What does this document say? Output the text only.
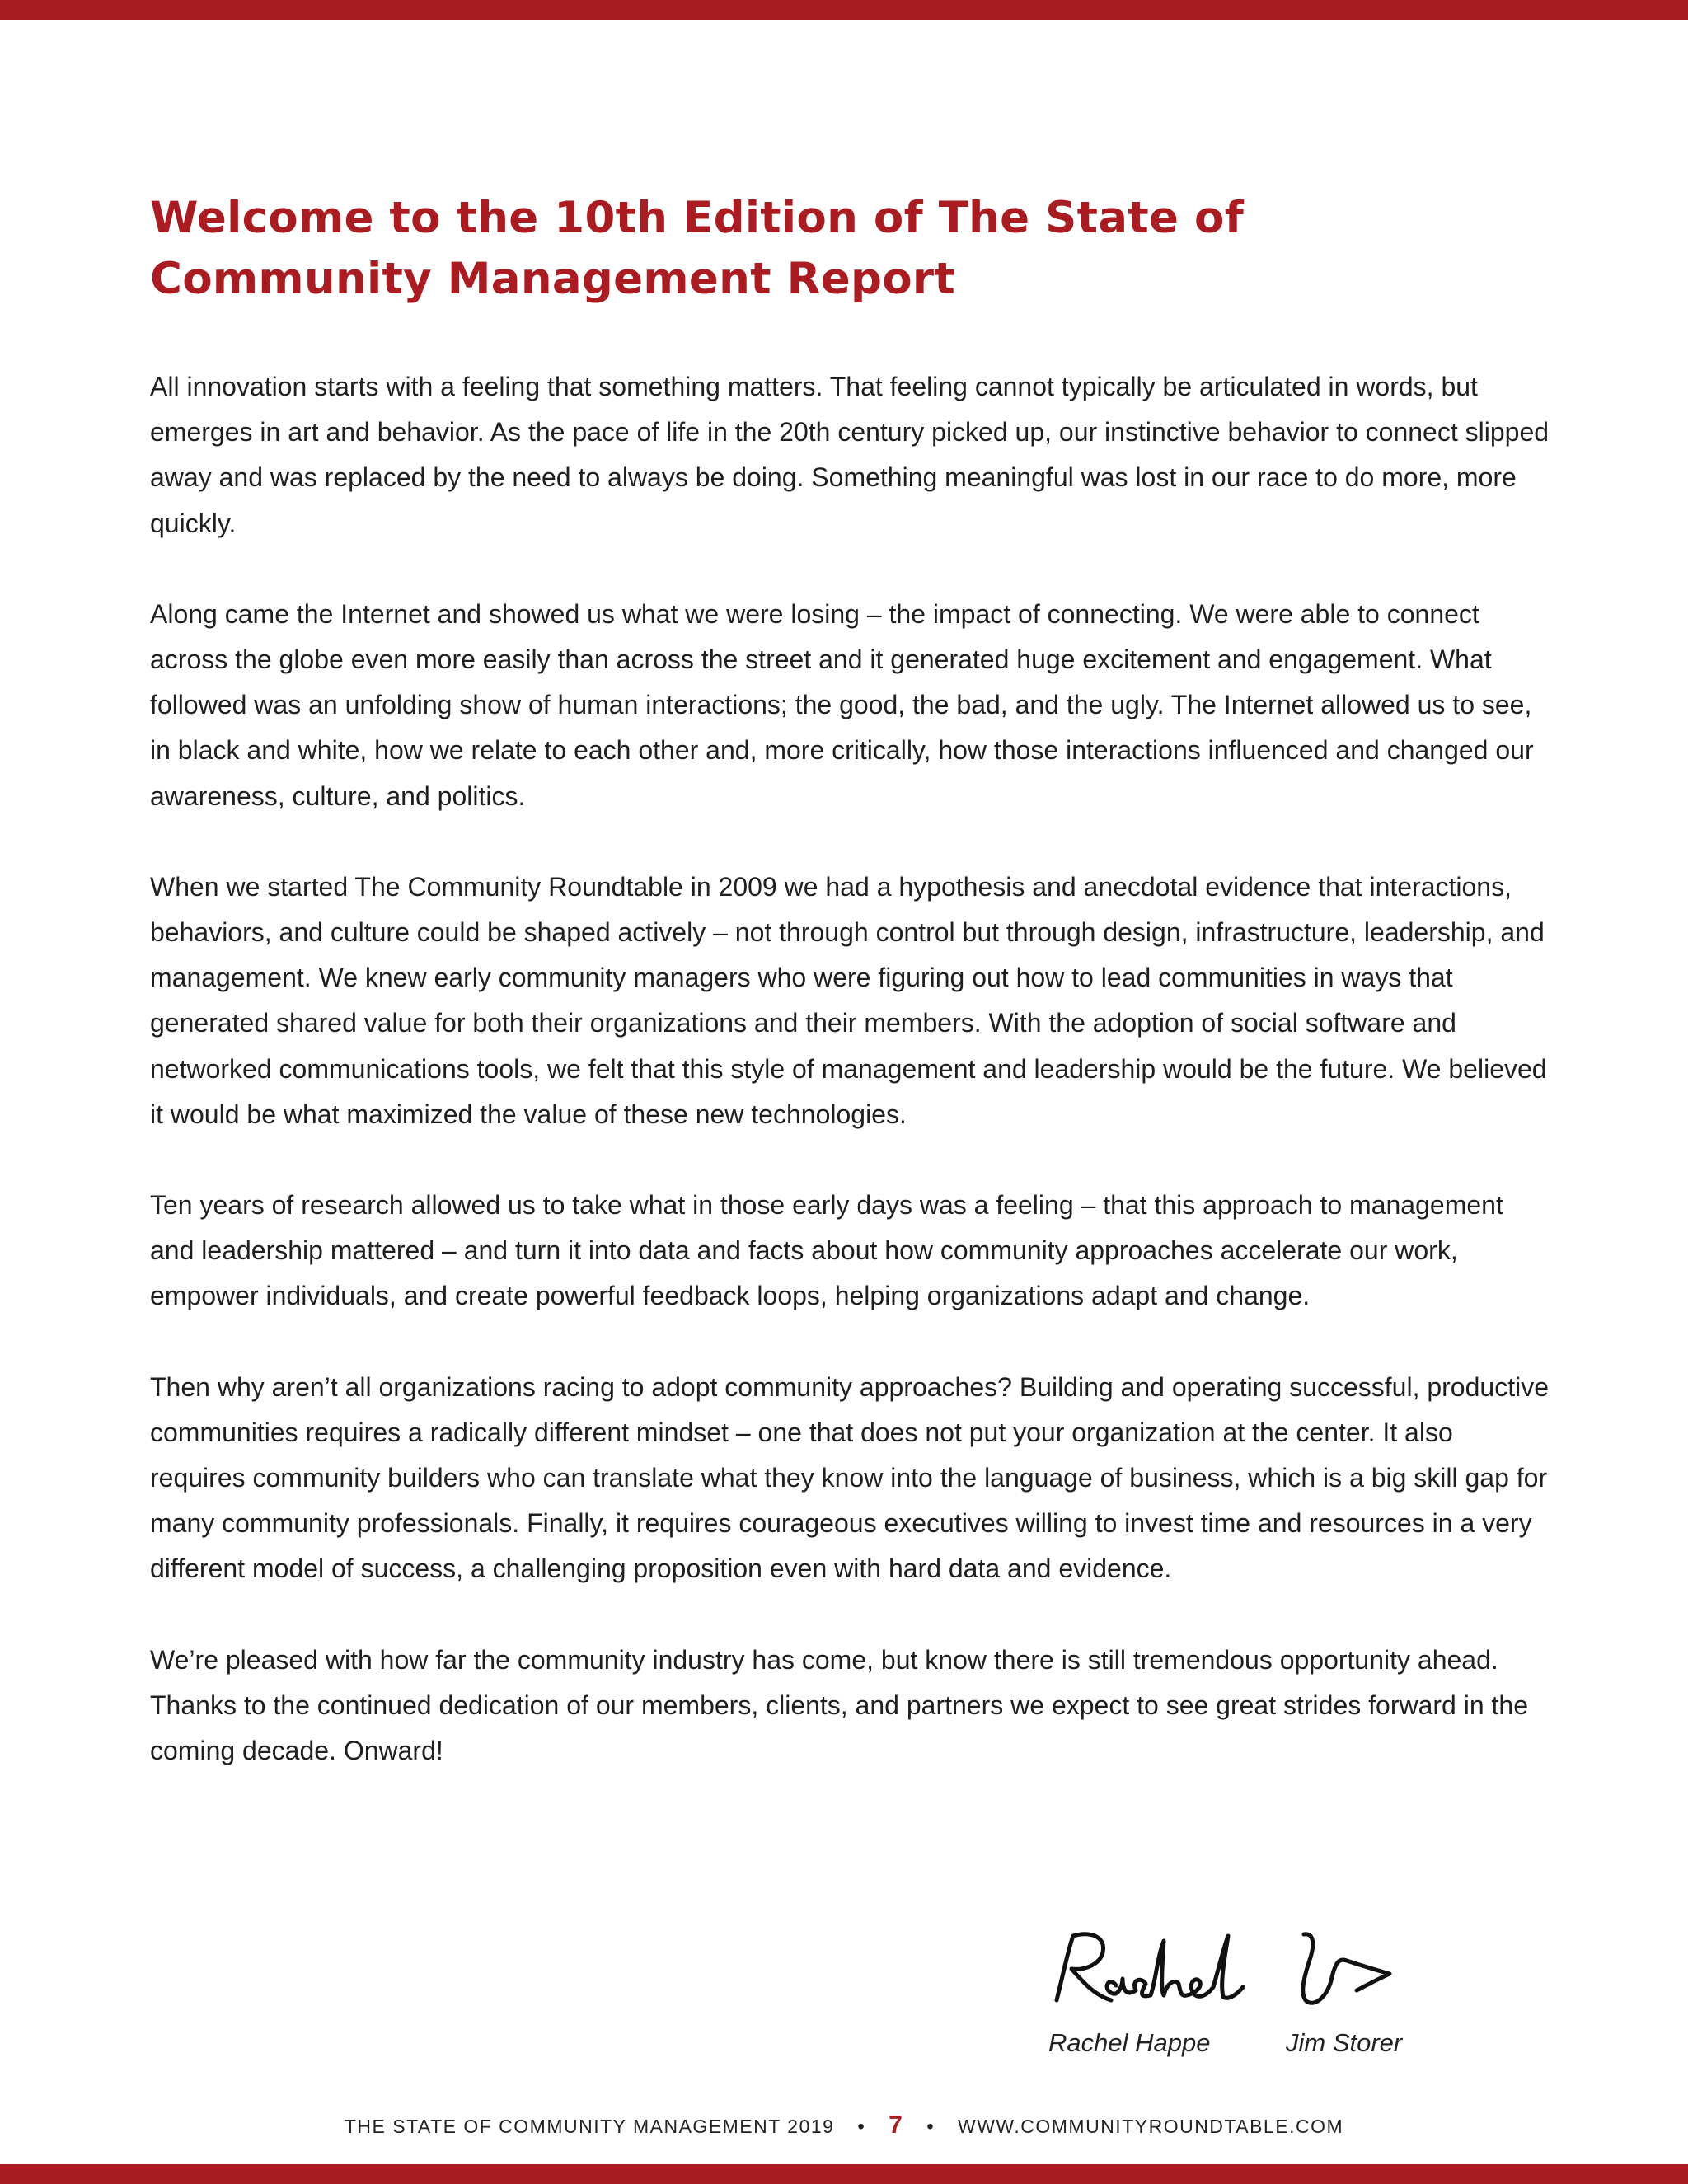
Welcome to the 10th Edition of The State of
Community Management Report

All innovation starts with a feeling that something matters. That feeling cannot typically be articulated in words, but emerges in art and behavior. As the pace of life in the 20th century picked up, our instinctive behavior to connect slipped away and was replaced by the need to always be doing. Something meaningful was lost in our race to do more, more quickly.

Along came the Internet and showed us what we were losing – the impact of connecting. We were able to connect across the globe even more easily than across the street and it generated huge excitement and engagement. What followed was an unfolding show of human interactions; the good, the bad, and the ugly. The Internet allowed us to see, in black and white, how we relate to each other and, more critically, how those interactions influenced and changed our awareness, culture, and politics.

When we started The Community Roundtable in 2009 we had a hypothesis and anecdotal evidence that interactions, behaviors, and culture could be shaped actively – not through control but through design, infrastructure, leadership, and management. We knew early community managers who were figuring out how to lead communities in ways that generated shared value for both their organizations and their members. With the adoption of social software and networked communications tools, we felt that this style of management and leadership would be the future. We believed it would be what maximized the value of these new technologies.

Ten years of research allowed us to take what in those early days was a feeling – that this approach to management and leadership mattered – and turn it into data and facts about how community approaches accelerate our work, empower individuals, and create powerful feedback loops, helping organizations adapt and change.

Then why aren’t all organizations racing to adopt community approaches? Building and operating successful, productive communities requires a radically different mindset – one that does not put your organization at the center. It also requires community builders who can translate what they know into the language of business, which is a big skill gap for many community professionals. Finally, it requires courageous executives willing to invest time and resources in a very different model of success, a challenging proposition even with hard data and evidence.

We’re pleased with how far the community industry has come, but know there is still tremendous opportunity ahead. Thanks to the continued dedication of our members, clients, and partners we expect to see great strides forward in the coming decade. Onward!

Rachel Happe	Jim Storer
THE STATE OF COMMUNITY MANAGEMENT 2019 • 7 • WWW.COMMUNITYROUNDTABLE.COM
